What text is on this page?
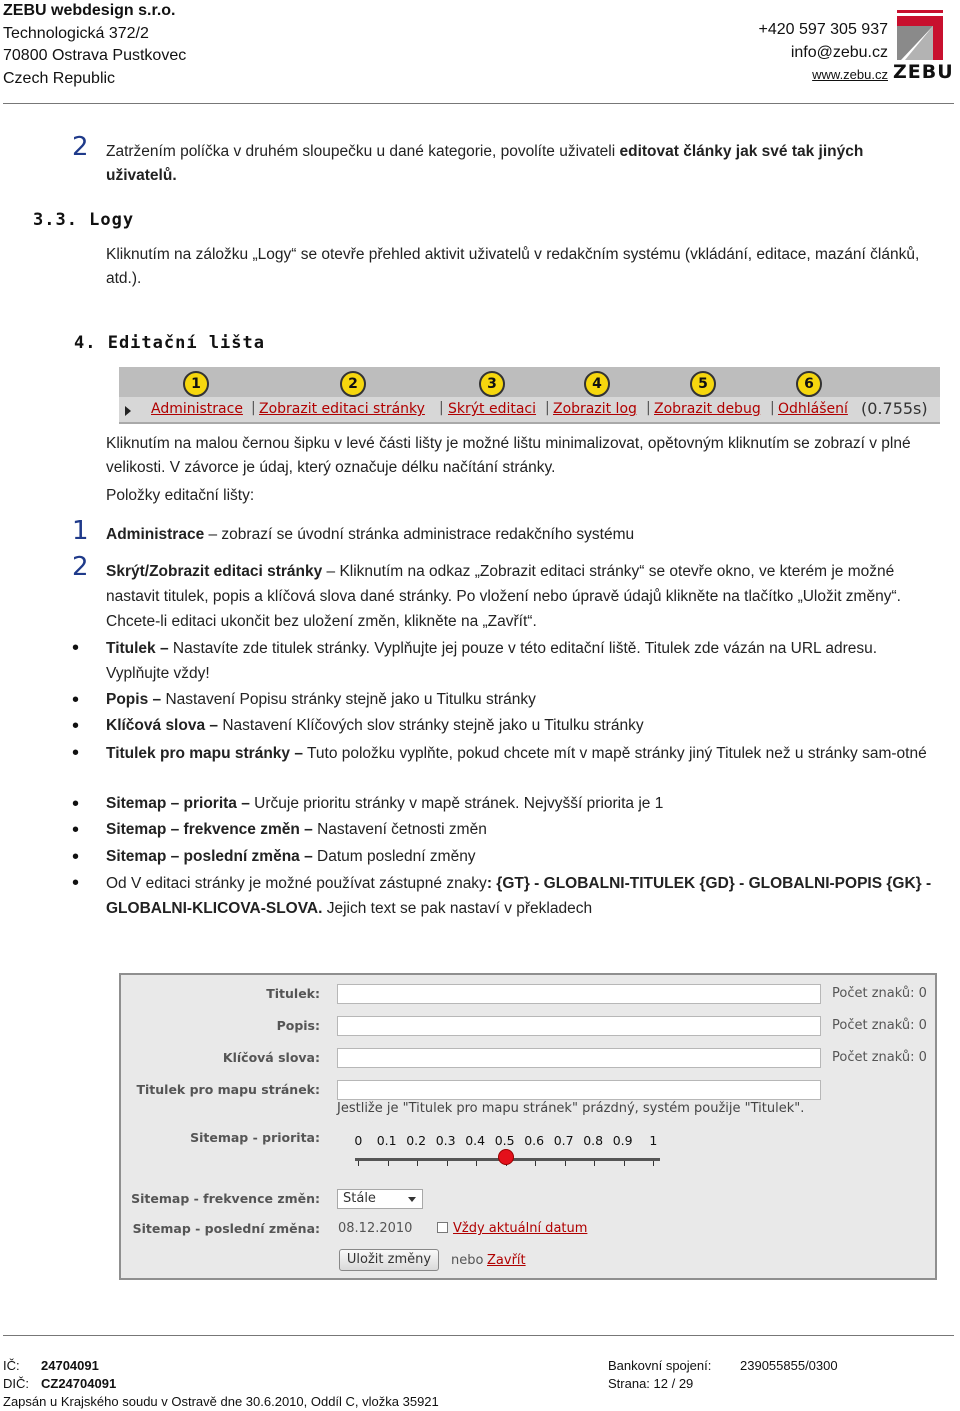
ZEBU webdesign s.r.o.
Technologická 372/2
70800 Ostrava Pustkovec
Czech Republic
+420 597 305 937
info@zebu.cz
www.zebu.cz ZEBU
2 Zatržením políčka v druhém sloupečku u dané kategorie, povolíte uživateli editovat články jak své tak jiných uživatelů.
3.3. Logy
Kliknutím na záložku „Logy“ se otevře přehled aktivit uživatelů v redakčním systému (vkládání, editace, mazání článků, atd.).
4. Editační lišta
1	2	3	4	5	6
Administrace | Zobrazit editaci stránky | Skrýt editaci | Zobrazit log | Zobrazit debug | Odhlášení (0.755s)
Kliknutím na malou černou šipku v levé části lišty je možné lištu minimalizovat, opětovným kliknutím se zobrazí v plné velikosti. V závorce je údaj, který označuje délku načítání stránky.
Položky editační lišty:
1 Administrace – zobrazí se úvodní stránka administrace redakčního systému
2 Skrýt/Zobrazit editaci stránky – Kliknutím na odkaz „Zobrazit editaci stránky“ se otevře okno, ve kterém je možné nastavit titulek, popis a klíčová slova dané stránky. Po vložení nebo úpravě údajů klikněte na tlačítko „Uložit změny“. Chcete-li editaci ukončit bez uložení změn, klikněte na „Zavřít“.
• Titulek – Nastavíte zde titulek stránky. Vyplňujte jej pouze v této editační liště. Titulek zde vázán na URL adresu. Vyplňujte vždy!
• Popis – Nastavení Popisu stránky stejně jako u Titulku stránky
• Klíčová slova – Nastavení Klíčových slov stránky stejně jako u Titulku stránky
• Titulek pro mapu stránky – Tuto položku vyplňte, pokud chcete mít v mapě stránky jiný Titulek než u stránky sam-otné
• Sitemap – priorita – Určuje prioritu stránky v mapě stránek. Nejvyšší priorita je 1
• Sitemap – frekvence změn – Nastavení četnosti změn
• Sitemap – poslední změna – Datum poslední změny
• Od V editaci stránky je možné používat zástupné znaky: {GT} - GLOBALNI-TITULEK {GD} - GLOBALNI-POPIS {GK} - GLOBALNI-KLICOVA-SLOVA. Jejich text se pak nastaví v překladech
Titulek:	Počet znaků: 0
Popis:	Počet znaků: 0
Klíčová slova:	Počet znaků: 0
Titulek pro mapu stránek:
Jestliže je "Titulek pro mapu stránek" prázdný, systém použije "Titulek".
Sitemap - priorita:	0 0.1 0.2 0.3 0.4 0.5 0.6 0.7 0.8 0.9 1
Sitemap - frekvence změn:	Stále
Sitemap - poslední změna: 08.12.2010	Vždy aktuální datum
Uložit změny	nebo Zavřít
IČ: 24704091
DIČ: CZ24704091
Zapsán u Krajského soudu v Ostravě dne 30.6.2010, Oddíl C, vložka 35921
Bankovní spojení: 239055855/0300
Strana: 12 / 29
